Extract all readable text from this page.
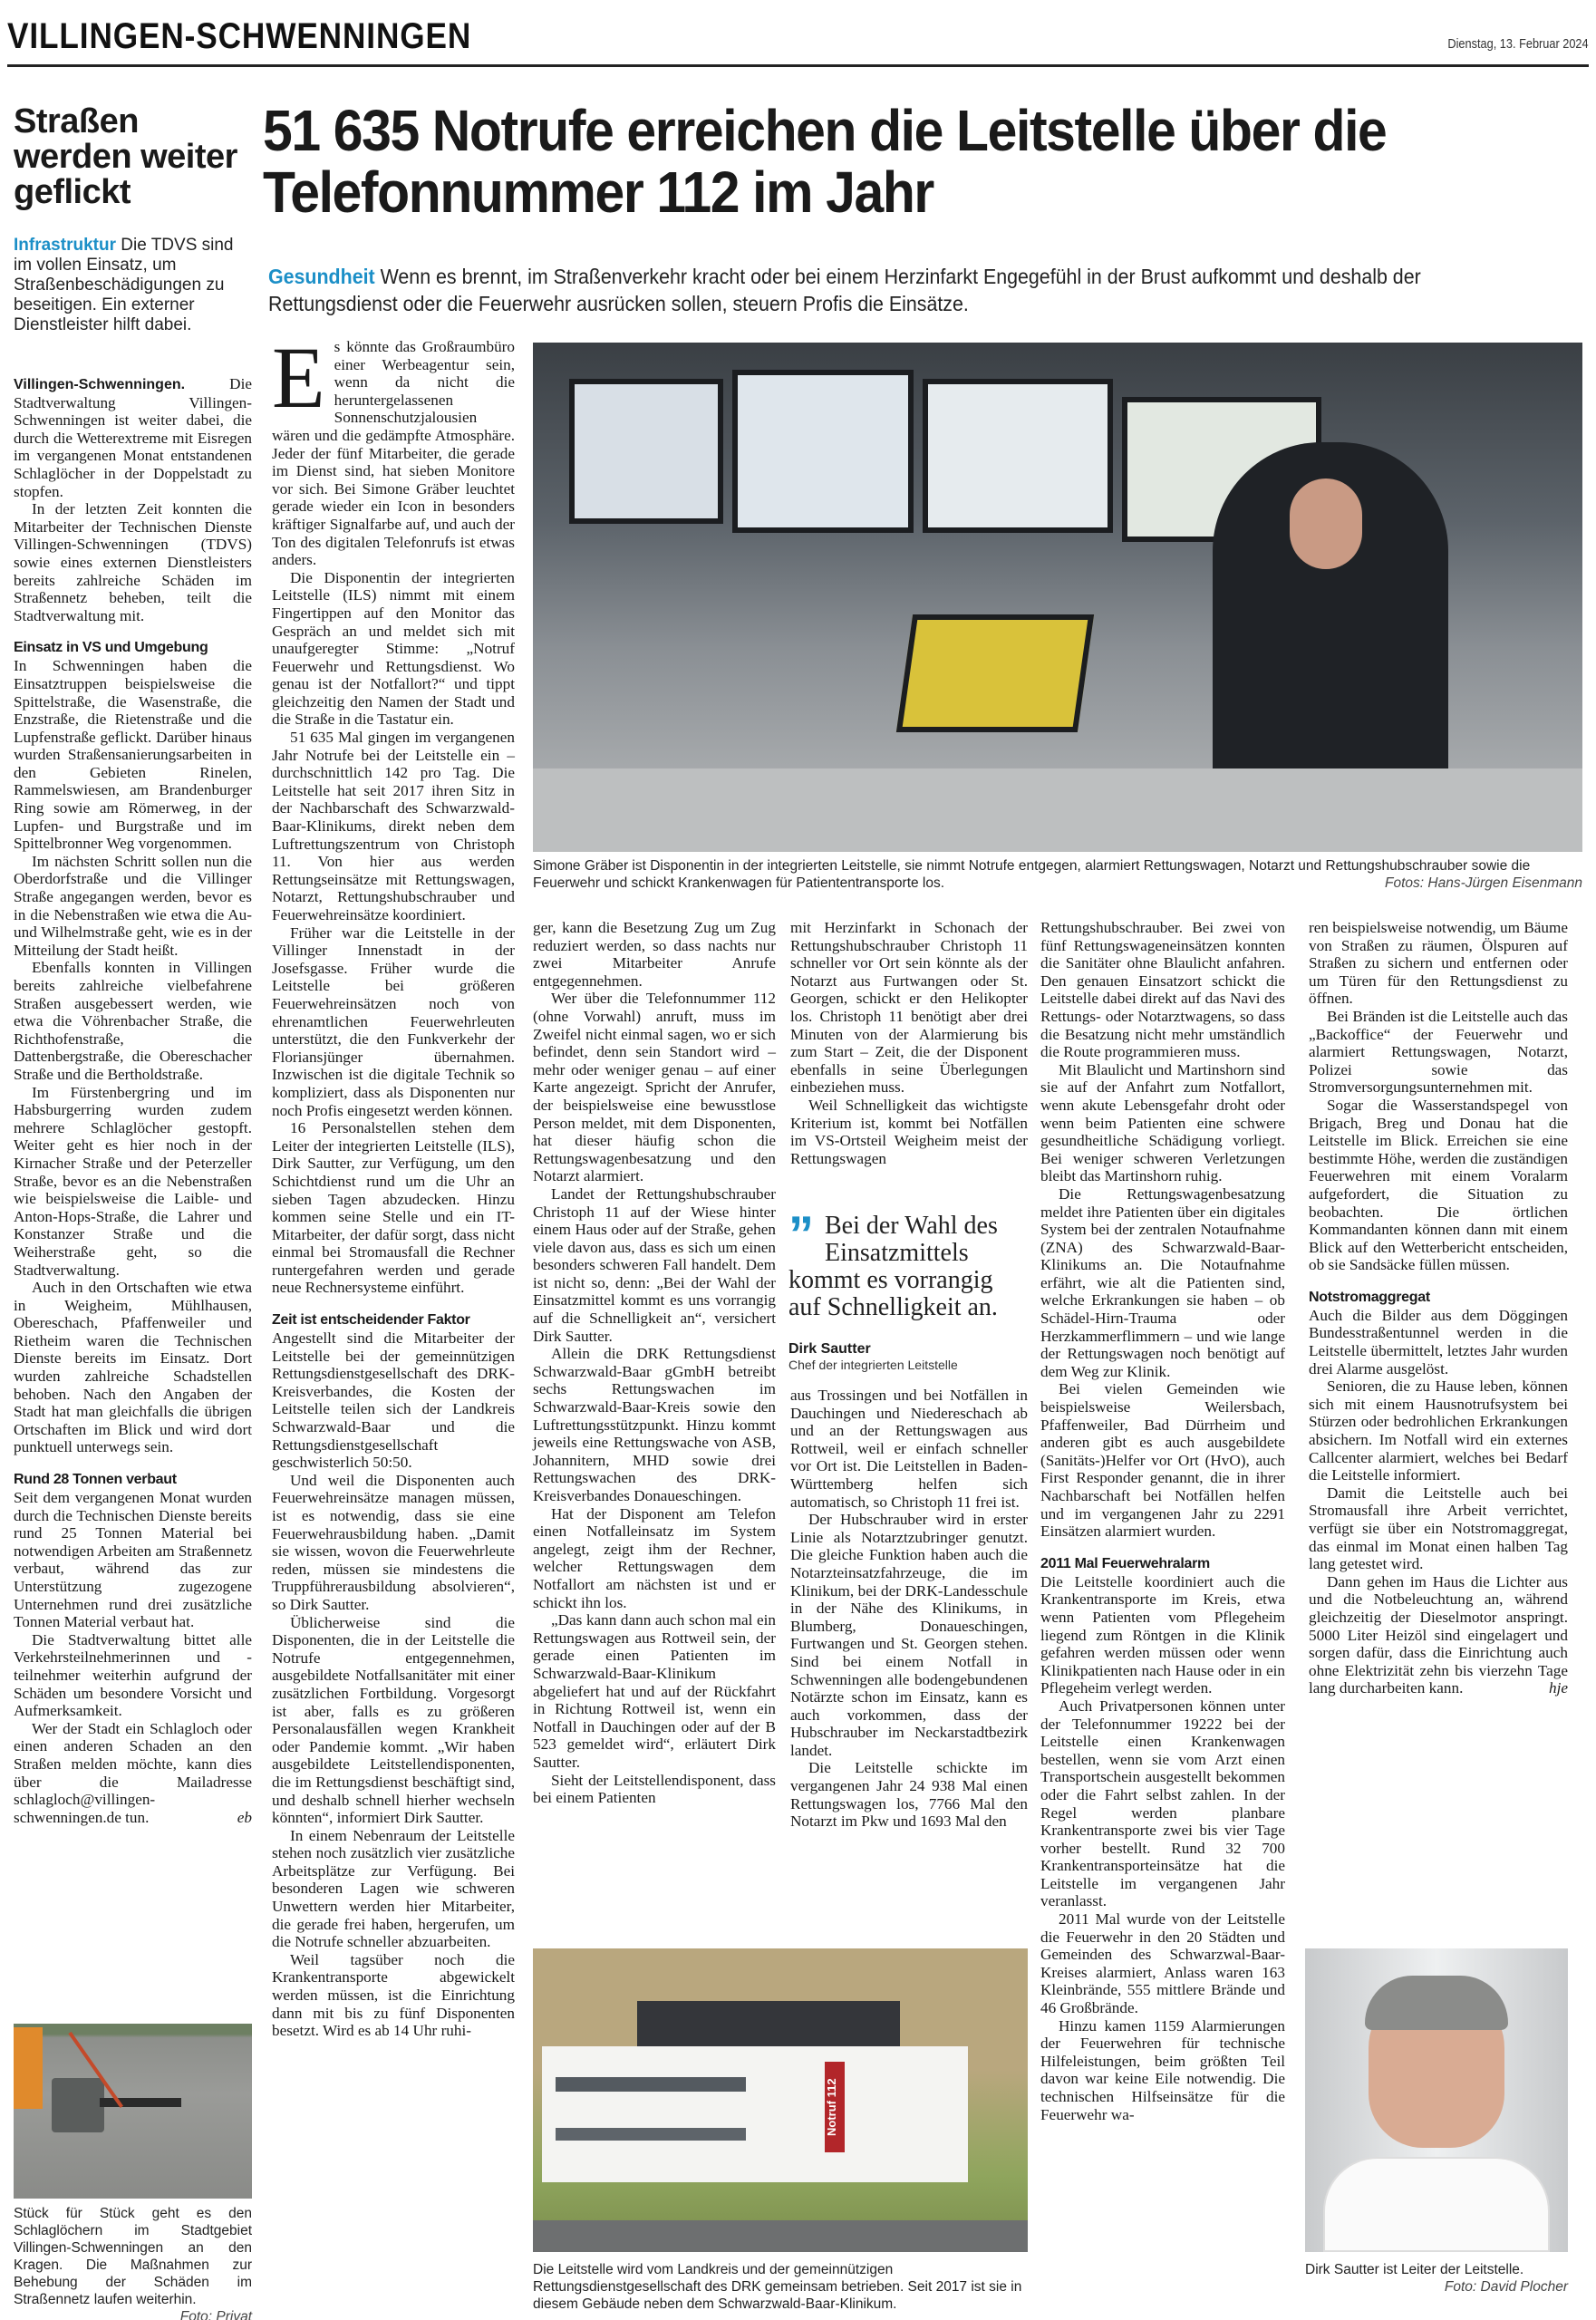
VILLINGEN-SCHWENNINGEN	Dienstag, 13. Februar 2024
Straßen werden weiter geflickt
Infrastruktur Die TDVS sind im vollen Einsatz, um Straßenbeschädigungen zu beseitigen. Ein externer Dienstleister hilft dabei.

Villingen-Schwenningen.	Die Stadtverwaltung Villingen-Schwenningen ist weiter dabei, die durch die Wetterextreme mit Eisregen im vergangenen Monat entstandenen Schlaglöcher in der Doppelstadt zu stopfen.

In der letzten Zeit konnten die Mitarbeiter der Technischen Dienste Villingen-Schwenningen (TDVS) sowie eines externen Dienstleisters bereits zahlreiche Schäden im Straßennetz beheben, teilt die Stadtverwaltung mit.

Einsatz in VS und Umgebung

In Schwenningen haben die Einsatztruppen beispielsweise die Spittelstraße, die Wasenstraße, die Enzstraße, die Rietenstraße und die Lupfenstraße geflickt. Darüber hinaus wurden Straßensanierungsarbeiten in den Gebieten Rinelen, Rammelswiesen, am Brandenburger Ring sowie am Römerweg, in der Lupfen- und Burgstraße und im Spittelbronner Weg vorgenommen.

Im nächsten Schritt sollen nun die Oberdorfstraße und die Villinger Straße angegangen werden, bevor es in die Nebenstraßen wie etwa die Au- und Wilhelmstraße geht, wie es in der Mitteilung der Stadt heißt.

Ebenfalls konnten in Villingen bereits zahlreiche vielbefahrene Straßen ausgebessert werden, wie etwa die Vöhrenbacher Straße, die Richthofenstraße, die Dattenbergstraße, die Obereschacher Straße und die Bertholdstraße.

Im Fürstenbergring und im Habsburgerring wurden zudem mehrere Schlaglöcher gestopft. Weiter geht es hier noch in der Kirnacher Straße und der Peterzeller Straße, bevor es an die Nebenstraßen wie beispielsweise die Laible- und Anton-Hops-Straße, die Lahrer und Konstanzer Straße und die Weiherstraße geht, so die Stadtverwaltung.

Auch in den Ortschaften wie etwa in Weigheim, Mühlhausen, Obereschach, Pfaffenweiler und Rietheim waren die Technischen Dienste bereits im Einsatz. Dort wurden zahlreiche Schadstellen behoben. Nach den Angaben der Stadt hat man gleichfalls die übrigen Ortschaften im Blick und wird dort punktuell unterwegs sein.

Rund 28 Tonnen verbaut

Seit dem vergangenen Monat wurden durch die Technischen Dienste bereits rund 25 Tonnen Material bei notwendigen Arbeiten am Straßennetz verbaut, während das zur Unterstützung zugezogene Unternehmen rund drei zusätzliche Tonnen Material verbaut hat.

Die Stadtverwaltung bittet alle Verkehrsteilnehmerinnen und -teilnehmer weiterhin aufgrund der Schäden um besondere Vorsicht und Aufmerksamkeit.

Wer der Stadt ein Schlagloch oder einen anderen Schaden an den Straßen melden möchte, kann dies über die Mailadresse schlagloch@villingen-schwenningen.de tun.	eb

Stück für Stück geht es den Schlaglöchern im Stadtgebiet Villingen-Schwenningen an den Kragen. Die Maßnahmen zur Behebung der Schäden im Straßennetz laufen weiterhin.
Foto: Privat
51 635 Notrufe erreichen die Leitstelle über die Telefonnummer 112 im Jahr
Gesundheit Wenn es brennt, im Straßenverkehr kracht oder bei einem Herzinfarkt Engegefühl in der Brust aufkommt und deshalb der Rettungsdienst oder die Feuerwehr ausrücken sollen, steuern Profis die Einsätze.

Es könnte das Großraumbüro einer Werbeagentur sein, wenn da nicht die heruntergelassenen Sonnenschutzjalousien wären und die gedämpfte Atmosphäre. Jeder der fünf Mitarbeiter, die gerade im Dienst sind, hat sieben Monitore vor sich. Bei Simone Gräber leuchtet gerade wieder ein Icon in besonders kräftiger Signalfarbe auf, und auch der Ton des digitalen Telefonrufs ist etwas anders.

Die Disponentin der integrierten Leitstelle (ILS) nimmt mit einem Fingertippen auf den Monitor das Gespräch an und meldet sich mit unaufgeregter Stimme: „Notruf Feuerwehr und Rettungsdienst. Wo genau ist der Notfallort?“ und tippt gleichzeitig den Namen der Stadt und die Straße in die Tastatur ein.

51 635 Mal gingen im vergangenen Jahr Notrufe bei der Leitstelle ein – durchschnittlich 142 pro Tag. Die Leitstelle hat seit 2017 ihren Sitz in der Nachbarschaft des Schwarzwald-Baar-Klinikums, direkt neben dem Luftrettungszentrum von Christoph 11. Von hier aus werden Rettungseinsätze mit Rettungswagen, Notarzt, Rettungshubschrauber und Feuerwehreinsätze koordiniert.

Früher war die Leitstelle in der Villinger Innenstadt in der Josefsgasse. Früher wurde die Leitstelle bei größeren Feuerwehreinsätzen noch von ehrenamtlichen Feuerwehrleuten unterstützt, die den Funkverkehr der Floriansjünger übernahmen. Inzwischen ist die digitale Technik so kompliziert, dass als Disponenten nur noch Profis eingesetzt werden können.

16 Personalstellen stehen dem Leiter der integrierten Leitstelle (ILS), Dirk Sautter, zur Verfügung, um den Schichtdienst rund um die Uhr an sieben Tagen abzudecken. Hinzu kommen seine Stelle und ein IT-Mitarbeiter, der dafür sorgt, dass nicht einmal bei Stromausfall die Rechner runtergefahren werden und gerade neue Rechnersysteme einführt.

Zeit ist entscheidender Faktor

Angestellt sind die Mitarbeiter der Leitstelle bei der gemeinnützigen Rettungsdienstgesellschaft des DRK-Kreisverbandes, die Kosten der Leitstelle teilen sich der Landkreis Schwarzwald-Baar und die Rettungsdienstgesellschaft geschwisterlich 50:50.

Und weil die Disponenten auch Feuerwehreinsätze managen müssen, ist es notwendig, dass sie eine Feuerwehrausbildung haben. „Damit sie wissen, wovon die Feuerwehrleute reden, müssen sie mindestens die Truppführerausbildung absolvieren“, so Dirk Sautter.

Üblicherweise sind die Disponenten, die in der Leitstelle die Notrufe entgegennehmen, ausgebildete Notfallsanitäter mit einer zusätzlichen Fortbildung. Vorgesorgt ist aber, falls es zu größeren Personalausfällen wegen Krankheit oder Pandemie kommt. „Wir haben ausgebildete Leitstellendisponenten, die im Rettungsdienst beschäftigt sind, und deshalb schnell hierher wechseln könnten“, informiert Dirk Sautter.

In einem Nebenraum der Leitstelle stehen noch zusätzlich vier zusätzliche Arbeitsplätze zur Verfügung. Bei besonderen Lagen wie schweren Unwettern werden hier Mitarbeiter, die gerade frei haben, hergerufen, um die Notrufe schneller abzuarbeiten.

Weil tagsüber noch die Krankentransporte abgewickelt werden müssen, ist die Einrichtung dann mit bis zu fünf Disponenten besetzt. Wird es ab 14 Uhr ruhi-

Simone Gräber ist Disponentin in der integrierten Leitstelle, sie nimmt Notrufe entgegen, alarmiert Rettungswagen, Notarzt und Rettungshubschrauber sowie die Feuerwehr und schickt Krankenwagen für Patiententransporte los.	Fotos: Hans-Jürgen Eisenmann

ger, kann die Besetzung Zug um Zug reduziert werden, so dass nachts nur zwei Mitarbeiter Anrufe entgegennehmen.

Wer über die Telefonnummer 112 (ohne Vorwahl) anruft, muss im Zweifel nicht einmal sagen, wo er sich befindet, denn sein Standort wird – mehr oder weniger genau – auf einer Karte angezeigt. Spricht der Anrufer, der beispielsweise eine bewusstlose Person meldet, mit dem Disponenten, hat dieser häufig schon die Rettungswagenbesatzung und den Notarzt alarmiert.

Landet der Rettungshubschrauber Christoph 11 auf der Wiese hinter einem Haus oder auf der Straße, gehen viele davon aus, dass es sich um einen besonders schweren Fall handelt. Dem ist nicht so, denn: „Bei der Wahl der Einsatzmittel kommt es uns vorrangig auf die Schnelligkeit an“, versichert Dirk Sautter.

Allein die DRK Rettungsdienst Schwarzwald-Baar gGmbH betreibt sechs Rettungswachen im Schwarzwald-Baar-Kreis sowie den Luftrettungsstützpunkt. Hinzu kommt jeweils eine Rettungswache von ASB, Johannitern, MHD sowie drei Rettungswachen des DRK-Kreisverbandes Donaueschingen.

Hat der Disponent am Telefon einen Notfalleinsatz im System angelegt, zeigt ihm der Rechner, welcher Rettungswagen dem Notfallort am nächsten ist und er schickt ihn los.

„Das kann dann auch schon mal ein Rettungswagen aus Rottweil sein, der gerade einen Patienten im Schwarzwald-Baar-Klinikum abgeliefert hat und auf der Rückfahrt in Richtung Rottweil ist, wenn ein Notfall in Dauchingen oder auf der B 523 gemeldet wird“, erläutert Dirk Sautter.

Sieht der Leitstellendisponent, dass bei einem Patienten

mit Herzinfarkt in Schonach der Rettungshubschrauber Christoph 11 schneller vor Ort sein könnte als der Notarzt aus Furtwangen oder St. Georgen, schickt er den Helikopter los. Christoph 11 benötigt aber drei Minuten von der Alarmierung bis zum Start – Zeit, die der Disponent ebenfalls in seine Überlegungen einbeziehen muss.

Weil Schnelligkeit das wichtigste Kriterium ist, kommt bei Notfällen im VS-Ortsteil Weigheim meist der Rettungswagen

” Bei der Wahl des Einsatzmittels kommt es vorrangig auf Schnelligkeit an.
Dirk Sautter
Chef der integrierten Leitstelle

aus Trossingen und bei Notfällen in Dauchingen und Niedereschach ab und an der Rettungswagen aus Rottweil, weil er einfach schneller vor Ort ist. Die Leitstellen in Baden-Württemberg helfen sich automatisch, so Christoph 11 frei ist.

Der Hubschrauber wird in erster Linie als Notarztzubringer genutzt. Die gleiche Funktion haben auch die Notarzteinsatzfahrzeuge, die im Klinikum, bei der DRK-Landesschule in der Nähe des Klinikums, in Blumberg, Donaueschingen, Furtwangen und St. Georgen stehen. Sind bei einem Notfall in Schwenningen alle bodengebundenen Notärzte schon im Einsatz, kann es auch vorkommen, dass der Hubschrauber im Neckarstadtbezirk landet.

Die Leitstelle schickte im vergangenen Jahr 24 938 Mal einen Rettungswagen los, 7766 Mal den Notarzt im Pkw und 1693 Mal den

Notruf 112
Die Leitstelle wird vom Landkreis und der gemeinnützigen Rettungsdienstgesellschaft des DRK gemeinsam betrieben. Seit 2017 ist sie in diesem Gebäude neben dem Schwarzwald-Baar-Klinikum.

Rettungshubschrauber. Bei zwei von fünf Rettungswageneinsätzen konnten die Sanitäter ohne Blaulicht anfahren. Den genauen Einsatzort schickt die Leitstelle dabei direkt auf das Navi des Rettungs- oder Notarztwagens, so dass die Besatzung nicht mehr umständlich die Route programmieren muss.

Mit Blaulicht und Martinshorn sind sie auf der Anfahrt zum Notfallort, wenn akute Lebensgefahr droht oder wenn beim Patienten eine schwere gesundheitliche Schädigung vorliegt. Bei weniger schweren Verletzungen bleibt das Martinshorn ruhig.

Die Rettungswagenbesatzung meldet ihre Patienten über ein digitales System bei der zentralen Notaufnahme (ZNA) des Schwarzwald-Baar-Klinikums an. Die Notaufnahme erfährt, wie alt die Patienten sind, welche Erkrankungen sie haben – ob Schädel-Hirn-Trauma oder Herzkammerflimmern – und wie lange der Rettungswagen noch benötigt auf dem Weg zur Klinik.

Bei vielen Gemeinden wie beispielsweise Weilersbach, Pfaffenweiler, Bad Dürrheim und anderen gibt es auch ausgebildete (Sanitäts-)Helfer vor Ort (HvO), auch First Responder genannt, die in ihrer Nachbarschaft bei Notfällen helfen und im vergangenen Jahr zu 2291 Einsätzen alarmiert wurden.

2011 Mal Feuerwehralarm

Die Leitstelle koordiniert auch die Krankentransporte im Kreis, etwa wenn Patienten vom Pflegeheim liegend zum Röntgen in die Klinik gefahren werden müssen oder wenn Klinikpatienten nach Hause oder in ein Pflegeheim verlegt werden.

Auch Privatpersonen können unter der Telefonnummer 19222 bei der Leitstelle einen Krankenwagen bestellen, wenn sie vom Arzt einen Transportschein ausgestellt bekommen oder die Fahrt selbst zahlen. In der Regel werden planbare Krankentransporte zwei bis vier Tage vorher bestellt. Rund 32 700 Krankentransporteinsätze hat die Leitstelle im vergangenen Jahr veranlasst.

2011 Mal wurde von der Leitstelle die Feuerwehr in den 20 Städten und Gemeinden des Schwarzwal-Baar-Kreises alarmiert, Anlass waren 163 Kleinbrände, 555 mittlere Brände und 46 Großbrände.

Hinzu kamen 1159 Alarmierungen der Feuerwehren für technische Hilfeleistungen, beim größten Teil davon war keine Eile notwendig. Die technischen Hilfseinsätze für die Feuerwehr wa-

ren beispielsweise notwendig, um Bäume von Straßen zu räumen, Ölspuren auf Straßen zu sichern und entfernen oder um Türen für den Rettungsdienst zu öffnen.

Bei Bränden ist die Leitstelle auch das „Backoffice“ der Feuerwehr und alarmiert Rettungswagen, Notarzt, Polizei sowie das Stromversorgungsunternehmen mit.

Sogar die Wasserstandspegel von Brigach, Breg und Donau hat die Leitstelle im Blick. Erreichen sie eine bestimmte Höhe, werden die zuständigen Feuerwehren mit einem Voralarm aufgefordert, die Situation zu beobachten. Die örtlichen Kommandanten können dann mit einem Blick auf den Wetterbericht entscheiden, ob sie Sandsäcke füllen müssen.

Notstromaggregat

Auch die Bilder aus dem Döggingen Bundesstraßentunnel werden in die Leitstelle übermittelt, letztes Jahr wurden drei Alarme ausgelöst.

Senioren, die zu Hause leben, können sich mit einem Hausnotrufsystem bei Stürzen oder bedrohlichen Erkrankungen absichern. Im Notfall wird ein externes Callcenter alarmiert, welches bei Bedarf die Leitstelle informiert.

Damit die Leitstelle auch bei Stromausfall ihre Arbeit verrichtet, verfügt sie über ein Notstromaggregat, das einmal im Monat einen halben Tag lang getestet wird.

Dann gehen im Haus die Lichter aus und die Notbeleuchtung an, während gleichzeitig der Dieselmotor anspringt. 5000 Liter Heizöl sind eingelagert und sorgen dafür, dass die Einrichtung auch ohne Elektrizität zehn bis vierzehn Tage lang durcharbeiten kann.	hje

Dirk Sautter ist Leiter der Leitstelle.
Foto: David Plocher
